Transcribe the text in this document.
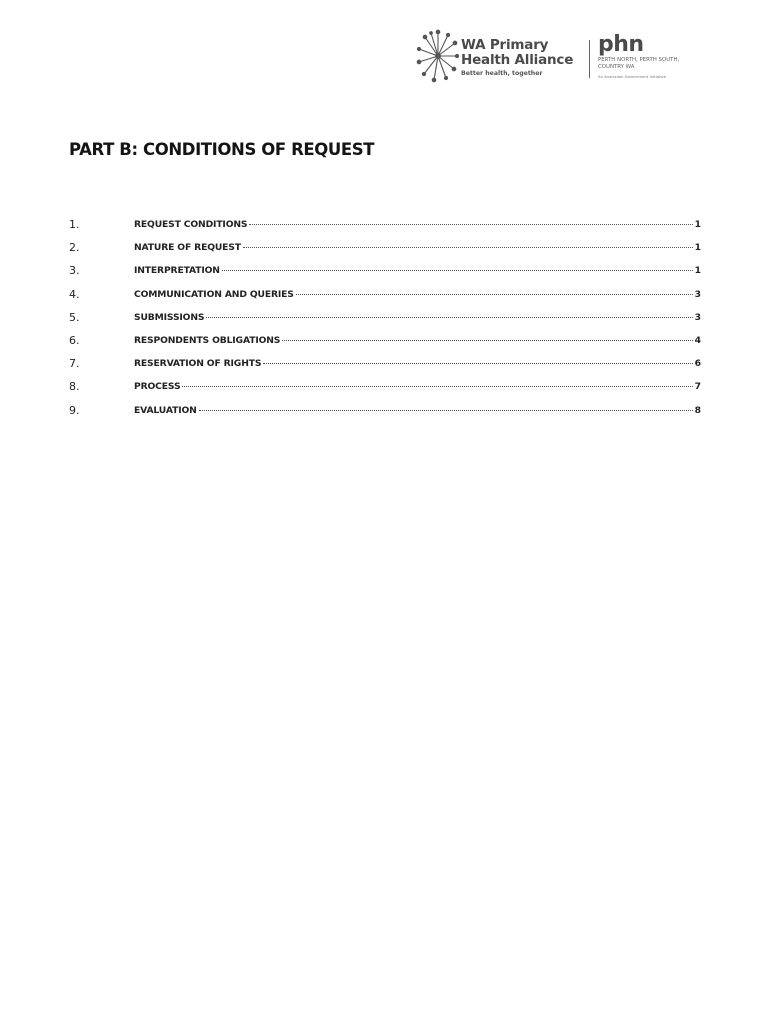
WA Primary
Health Alliance
Better health, together
phn
PERTH NORTH, PERTH SOUTH, COUNTRY WA
An Australian Government Initiative
PART B: CONDITIONS OF REQUEST
1.	REQUEST CONDITIONS	1
2.	NATURE OF REQUEST	1
3.	INTERPRETATION	1
4.	COMMUNICATION AND QUERIES	3
5.	SUBMISSIONS	3
6.	RESPONDENTS OBLIGATIONS	4
7.	RESERVATION OF RIGHTS	6
8.	PROCESS	7
9.	EVALUATION	8
